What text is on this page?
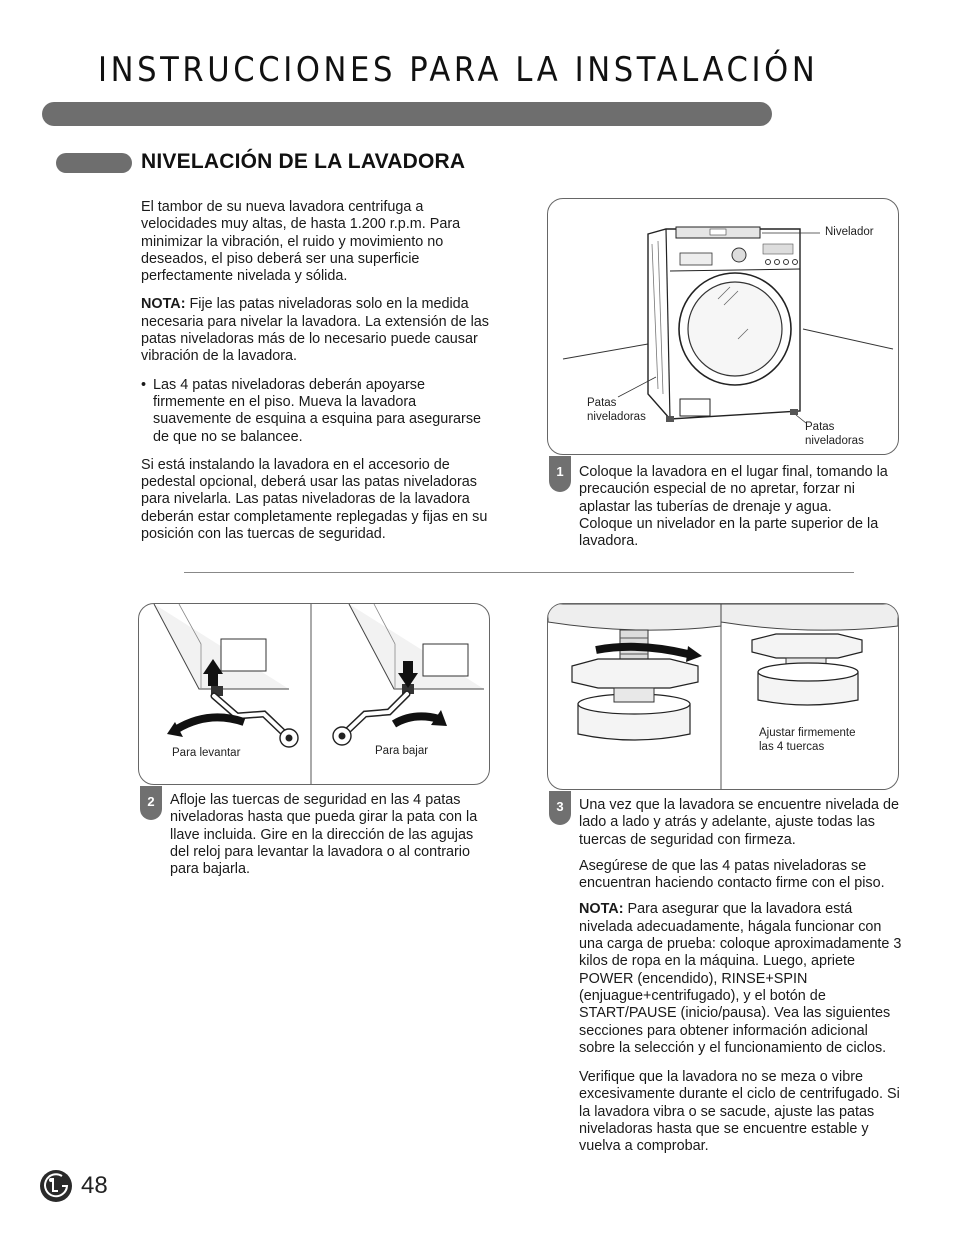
INSTRUCCIONES PARA LA INSTALACIÓN
NIVELACIÓN DE LA LAVADORA

El tambor de su nueva lavadora centrifuga a velocidades muy altas, de hasta 1.200 r.p.m. Para minimizar la vibración, el ruido y movimiento no deseados, el piso deberá ser una superficie perfectamente nivelada y sólida.

NOTA: Fije las patas niveladoras solo en la medida necesaria para nivelar la lavadora. La extensión de las patas niveladoras más de lo necesario puede causar vibración de la lavadora.

• Las 4 patas niveladoras deberán apoyarse firmemente en el piso. Mueva la lavadora suavemente de esquina a esquina para asegurarse de que no se balancee.

Si está instalando la lavadora en el accesorio de pedestal opcional, deberá usar las patas niveladoras para nivelarla. Las patas niveladoras de la lavadora deberán estar completamente replegadas y fijas en su posición con las tuercas de seguridad.

Nivelador
Patas
niveladoras
Patas
niveladoras
1	Coloque la lavadora en el lugar final, tomando la precaución especial de no apretar, forzar ni aplastar las tuberías de drenaje y agua. Coloque un nivelador en la parte superior de la lavadora.
Para levantar	Para bajar
2	Afloje las tuercas de seguridad en las 4 patas niveladoras hasta que pueda girar la pata con la llave incluida. Gire en la dirección de las agujas del reloj para levantar la lavadora o al contrario para bajarla.
Ajustar firmemente
las 4 tuercas
3	Una vez que la lavadora se encuentre nivelada de lado a lado y atrás y adelante, ajuste todas las tuercas de seguridad con firmeza.

Asegúrese de que las 4 patas niveladoras se encuentran haciendo contacto firme con el piso.

NOTA: Para asegurar que la lavadora está nivelada adecuadamente, hágala funcionar con una carga de prueba: coloque aproximadamente 3 kilos de ropa en la máquina. Luego, apriete POWER (encendido), RINSE+SPIN (enjuague+centrifugado), y el botón de START/PAUSE (inicio/pausa). Vea las siguientes secciones para obtener información adicional sobre la selección y el funcionamiento de ciclos.

Verifique que la lavadora no se meza o vibre excesivamente durante el ciclo de centrifugado. Si la lavadora vibra o se sacude, ajuste las patas niveladoras hasta que se encuentre estable y vuelva a comprobar.

48
